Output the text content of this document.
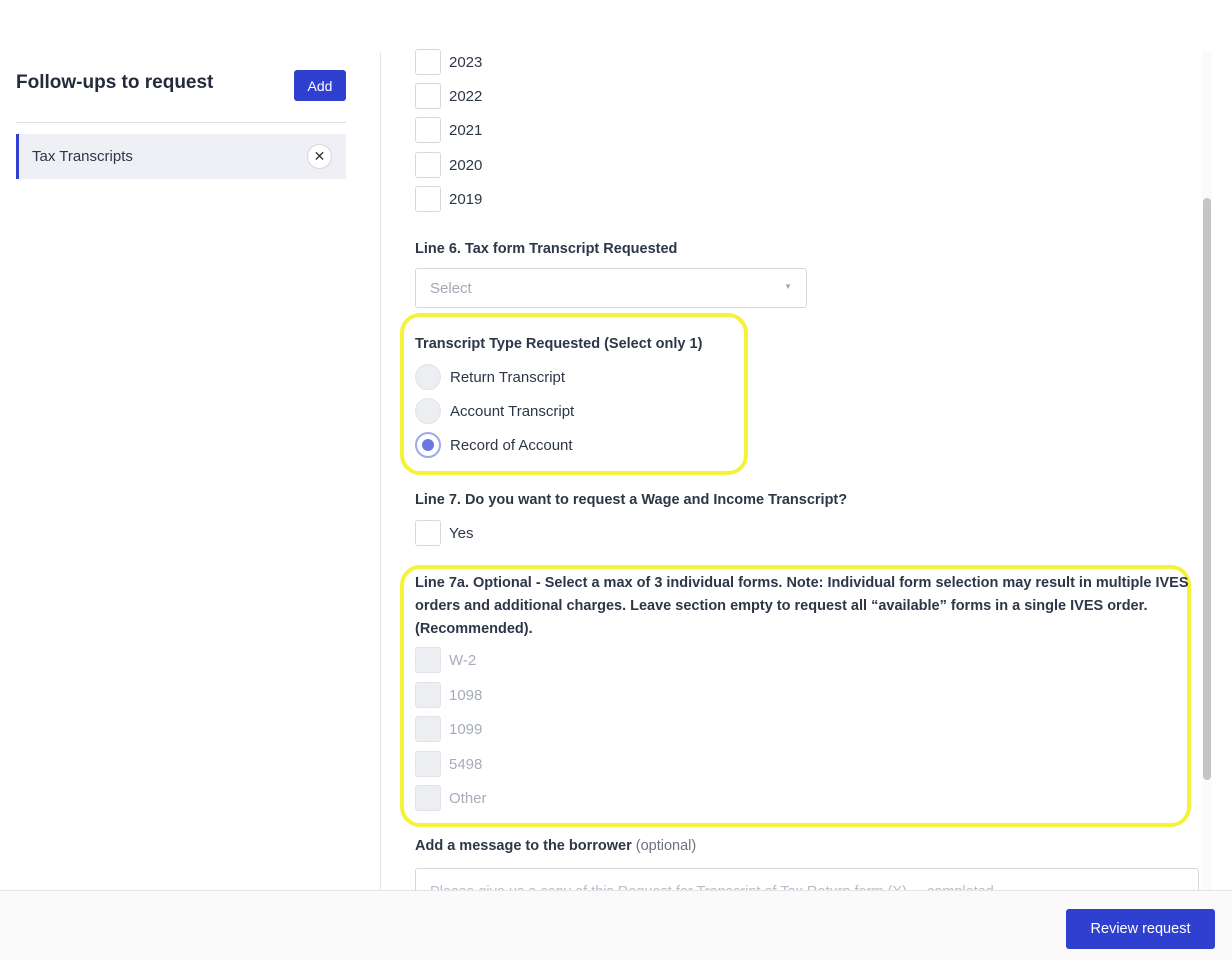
Follow-ups to request	Add
Tax Transcripts	✕
2023
2022
2021
2020
2019
Line 6. Tax form Transcript Requested
Select	▼
Transcript Type Requested (Select only 1)
Return Transcript
Account Transcript
Record of Account
Line 7. Do you want to request a Wage and Income Transcript?
Yes
Line 7a. Optional - Select a max of 3 individual forms. Note: Individual form selection may result in multiple IVES orders and additional charges. Leave section empty to request all “available” forms in a single IVES order. (Recommended).
W-2
1098
1099
5498
Other
Add a message to the borrower (optional)
Review request
